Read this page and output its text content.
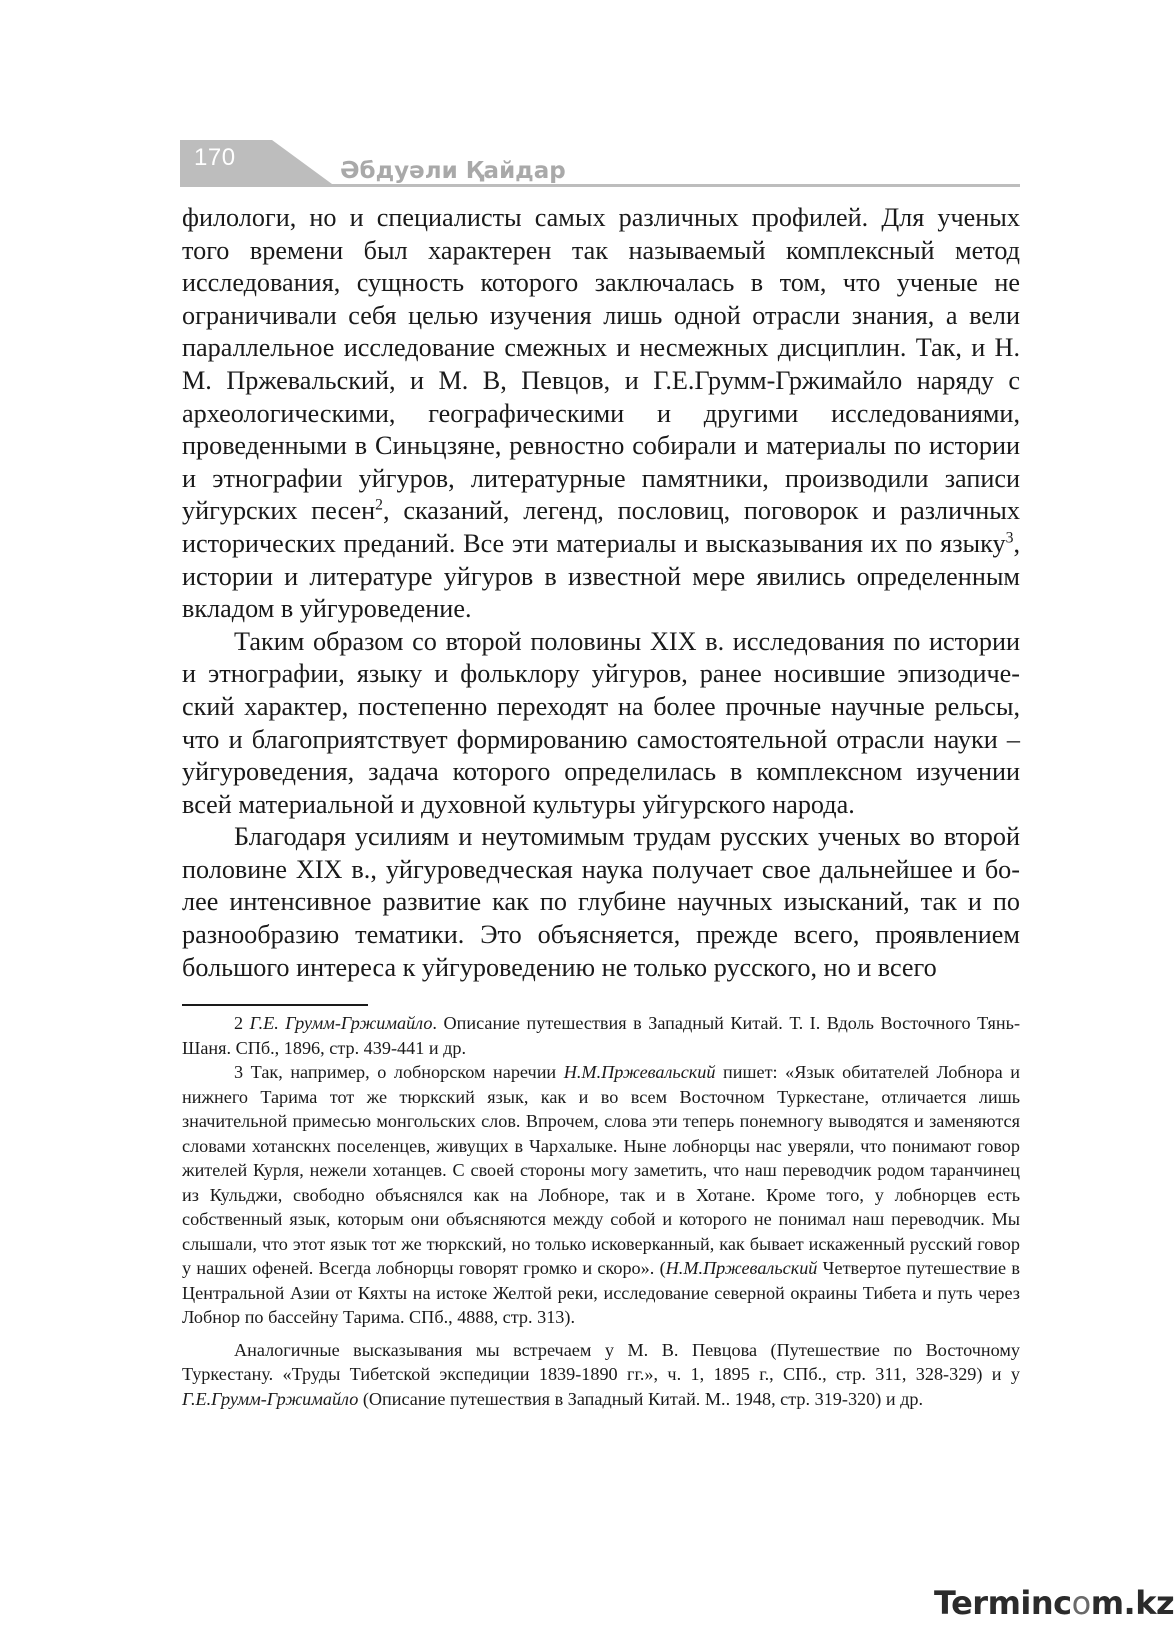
170	Әбдуәли Қайдар

филологи, но и специалисты самых различных профилей. Для ученых того времени был характерен так называемый комплексный метод исследования, сущность которого заключалась в том, что ученые не ограничивали себя целью изучения лишь одной отрасли знания, а вели параллельное исследование смежных и несмежных дисциплин. Так, и Н. М. Пржевальский, и М. В, Певцов, и Г.Е.Грумм-Гржимайло наряду с археологическими, географическими и другими исследованиями, проведенными в Синьцзяне, ревностно собирали и материалы по истории и этнографии уйгуров, литературные памятники, производили записи уйгурских песен$^2$, сказаний, легенд, пословиц, поговорок и различных исторических преданий. Все эти материалы и высказывания их по языку$^3$, истории и литературе уйгуров в известной мере явились определенным вкладом в уйгуроведение.

Таким образом со второй половины XIX в. исследования по истории и этнографии, языку и фольклору уйгуров, ранее носившие эпизодиче-ский характер, постепенно переходят на более прочные научные рельсы, что и благоприятствует формированию самостоятельной отрасли науки –уйгуроведения, задача которого определилась в комплексном изучении всей материальной и духовной культуры уйгурского народа.

Благодаря усилиям и неутомимым трудам русских ученых во второй половине XIX в., уйгуроведческая наука получает свое дальнейшее и бо-лее интенсивное развитие как по глубине научных изысканий, так и по разнообразию тематики. Это объясняется, прежде всего, проявлением большого интереса к уйгуроведению не только русского, но и всего

2 Г.Е. Грумм-Гржимайло. Описание путешествия в Западный Китай. Т. I. Вдоль Восточного Тянь-Шаня. СПб., 1896, стр. 439-441 и др.

3 Так, например, о лобнорском наречии Н.М.Пржевальский пишет: «Язык обитателей Лобнора и нижнего Тарима тот же тюркский язык, как и во всем Восточном Туркестане, отличается лишь значительной примесью монгольских слов. Впрочем, слова эти теперь понемногу выводятся и заменяются словами хотанскнх поселенцев, живущих в Чархалыке. Ныне лобнорцы нас уверяли, что понимают говор жителей Курля, нежели хотанцев. С своей стороны могу заметить, что наш переводчик родом таранчинец из Кульджи, свободно объяснялся как на Лобноре, так и в Хотане. Кроме того, у лобнорцев есть собственный язык, которым они объясняются между собой и которого не понимал наш переводчик. Мы слышали, что этот язык тот же тюркский, но только исковерканный, как бывает искаженный русский говор у наших офеней. Всегда лобнорцы говорят громко и скоро». (Н.М.Пржевальский Четвертое путешествие в Центральной Азии от Кяхты на истоке Желтой реки, исследование северной окраины Тибета и путь через Лобнор по бассейну Тарима. СПб., 4888, стр. 313).

Аналогичные высказывания мы встречаем у М. В. Певцова (Путешествие по Восточному Туркестану. «Труды Тибетской экспедиции 1839-1890 гг.», ч. 1, 1895 г., СПб., стр. 311, 328-329) и у Г.Е.Грумм-Гржимайло (Описание путешествия в Западный Китай. М.. 1948, стр. 319-320) и др.

Termincom.kz
